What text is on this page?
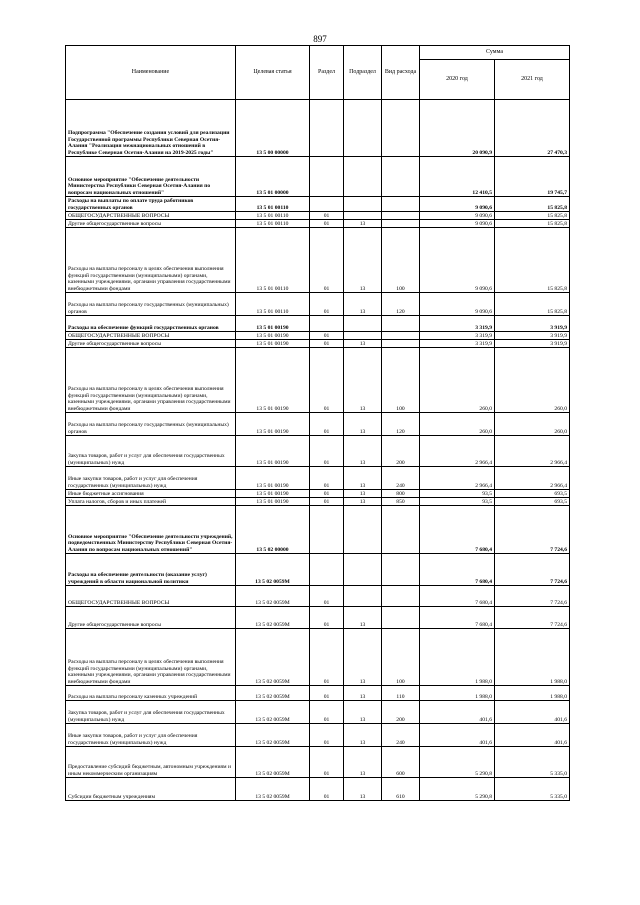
897
Наименование	Целевая статья	Раздел	Подраздел	Вид расхода	Сумма	
					2020 год	2021 год
Подпрограмма "Обеспечение создания условий для реализации Государственной программы Республики Северная Осетия-Алания "Реализация межнациональных отношений в Республике Северная Осетия-Алания на 2019-2025 годы"	13 5 00 00000				20 090,9	27 470,3
Основное мероприятие "Обеспечение деятельности Министерства Республики Северная Осетия-Алания по вопросам национальных отношений"	13 5 01 00000				12 410,5	19 745,7
Расходы на выплаты по оплате труда работников государственных органов	13 5 01 00110				9 090,6	15 825,8
ОБЩЕГОСУДАРСТВЕННЫЕ ВОПРОСЫ	13 5 01 00110	01			9 090,6	15 825,8
Другие общегосударственные вопросы	13 5 01 00110	01	13		9 090,6	15 825,8
Расходы на выплаты персоналу в целях обеспечения выполнения функций государственными (муниципальными) органами, казенными учреждениями, органами управления государственными внебюджетными фондами	13 5 01 00110	01	13	100	9 090,6	15 825,8
Расходы на выплаты персоналу государственных (муниципальных) органов	13 5 01 00110	01	13	120	9 090,6	15 825,8
Расходы на обеспечение функций государственных органов	13 5 01 00190				3 319,9	3 919,9
ОБЩЕГОСУДАРСТВЕННЫЕ ВОПРОСЫ	13 5 01 00190	01			3 319,9	3 919,9
Другие общегосударственные вопросы	13 5 01 00190	01	13		3 319,9	3 919,9
Расходы на выплаты персоналу в целях обеспечения выполнения функций государственными (муниципальными) органами, казенными учреждениями, органами управления государственными внебюджетными фондами	13 5 01 00190	01	13	100	260,0	260,0
Расходы на выплаты персоналу государственных (муниципальных) органов	13 5 01 00190	01	13	120	260,0	260,0
Закупка товаров, работ и услуг для обеспечения государственных (муниципальных) нужд	13 5 01 00190	01	13	200	2 966,4	2 966,4
Иные закупки товаров, работ и услуг для обеспечения государственных (муниципальных) нужд	13 5 01 00190	01	13	240	2 966,4	2 966,4
Иные бюджетные ассигнования	13 5 01 00190	01	13	800	93,5	693,5
Уплата налогов, сборов и иных платежей	13 5 01 00190	01	13	850	93,5	693,5
Основное мероприятие "Обеспечение деятельности учреждений, подведомственных Министерству Республики Северная Осетия-Алания по вопросам национальных отношений"	13 5 02 00000				7 680,4	7 724,6
Расходы на обеспечение деятельности (оказание услуг) учреждений в области национальной политики	13 5 02 0059М				7 680,4	7 724,6
ОБЩЕГОСУДАРСТВЕННЫЕ ВОПРОСЫ	13 5 02 0059М	01			7 680,4	7 724,6
Другие общегосударственные вопросы	13 5 02 0059М	01	13		7 680,4	7 724,6
Расходы на выплаты персоналу в целях обеспечения выполнения функций государственными (муниципальными) органами, казенными учреждениями, органами управления государственными внебюджетными фондами	13 5 02 0059М	01	13	100	1 988,0	1 988,0
Расходы на выплаты персоналу казенных учреждений	13 5 02 0059М	01	13	110	1 988,0	1 988,0
Закупка товаров, работ и услуг для обеспечения государственных (муниципальных) нужд	13 5 02 0059М	01	13	200	401,6	401,6
Иные закупки товаров, работ и услуг для обеспечения государственных (муниципальных) нужд	13 5 02 0059М	01	13	240	401,6	401,6
Предоставление субсидий бюджетным, автономным учреждениям и иным некоммерческим организациям	13 5 02 0059М	01	13	600	5 290,8	5 335,0
Субсидии бюджетным учреждениям	13 5 02 0059М	01	13	610	5 290,8	5 335,0
